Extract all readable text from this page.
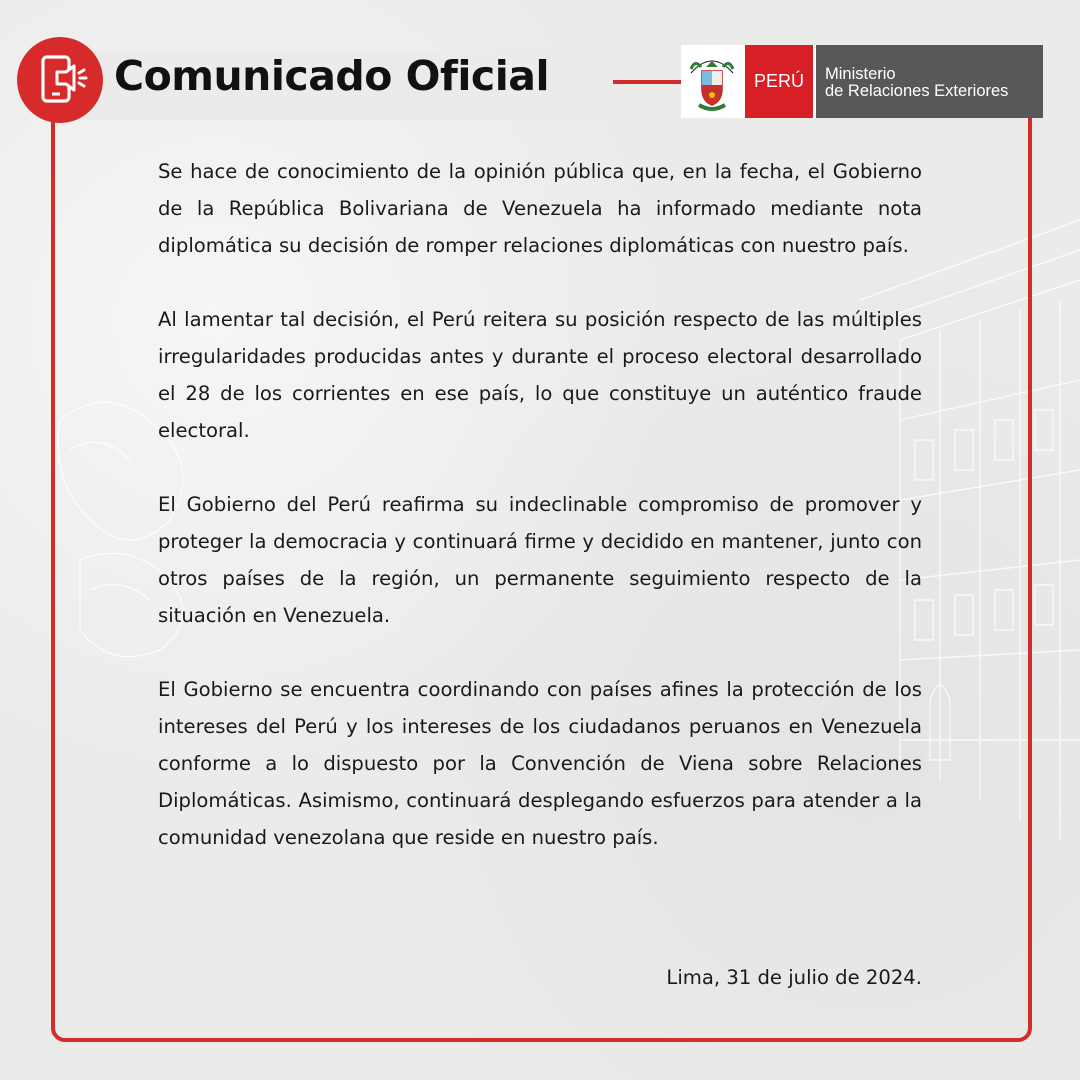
Comunicado Oficial	PERÚ	Ministerio
de Relaciones Exteriores

Se hace de conocimiento de la opinión pública que, en la fecha, el Gobierno de la República Bolivariana de Venezuela ha informado mediante nota diplomática su decisión de romper relaciones diplomáticas con nuestro país.

Al lamentar tal decisión, el Perú reitera su posición respecto de las múltiples irregularidades producidas antes y durante el proceso electoral desarrollado el 28 de los corrientes en ese país, lo que constituye un auténtico fraude electoral.

El Gobierno del Perú reafirma su indeclinable compromiso de promover y proteger la democracia y continuará firme y decidido en mantener, junto con otros países de la región, un permanente seguimiento respecto de la situación en Venezuela.

El Gobierno se encuentra coordinando con países afines la protección de los intereses del Perú y los intereses de los ciudadanos peruanos en Venezuela conforme a lo dispuesto por la Convención de Viena sobre Relaciones Diplomáticas. Asimismo, continuará desplegando esfuerzos para atender a la comunidad venezolana que reside en nuestro país.

Lima, 31 de julio de 2024.
